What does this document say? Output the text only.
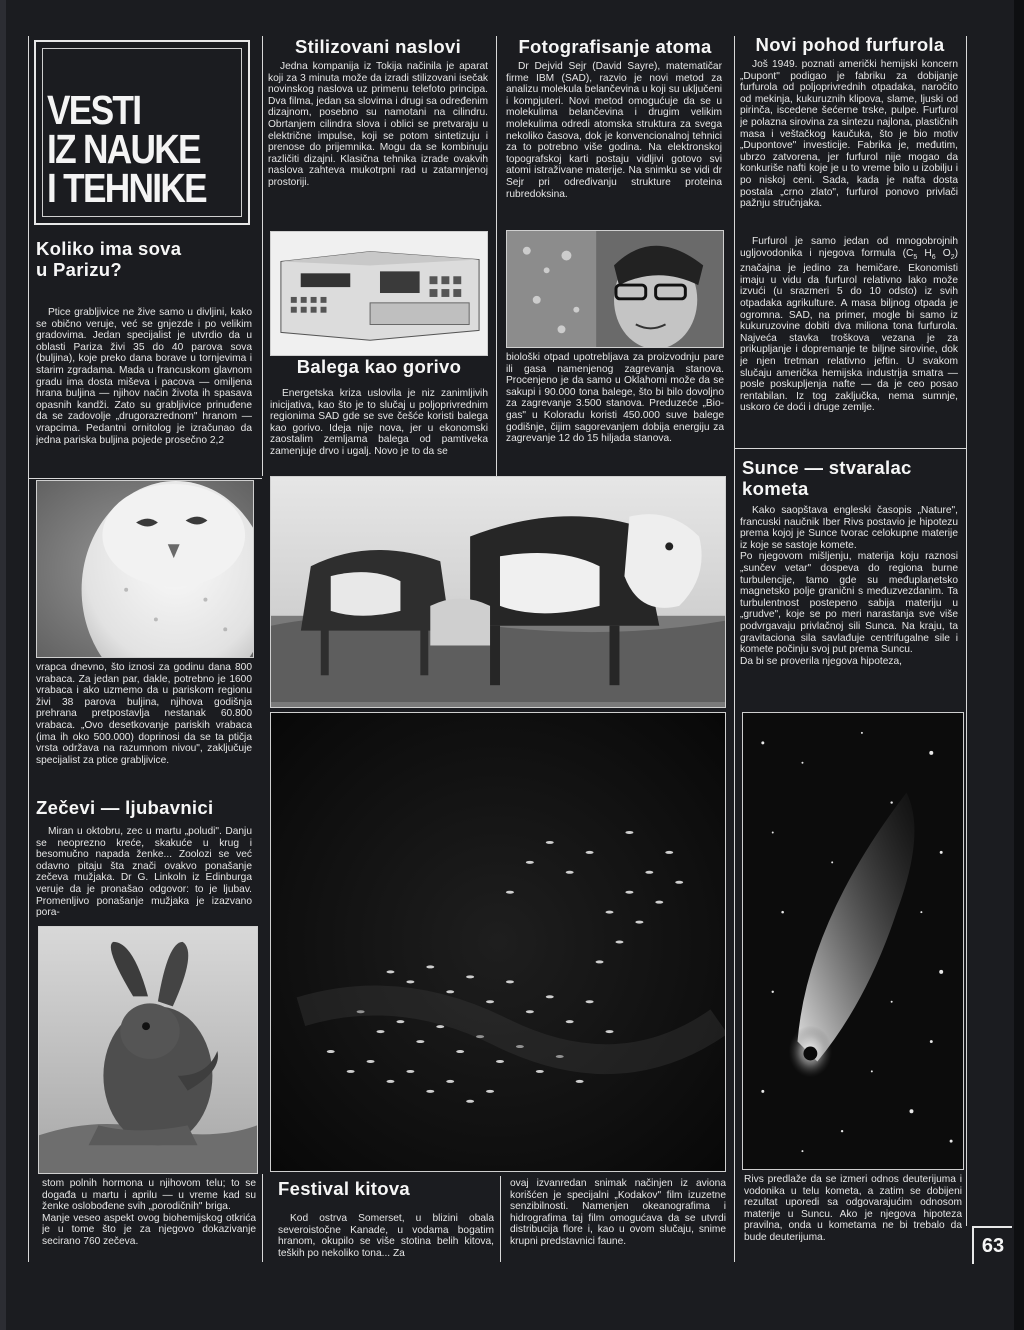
VESTI
IZ NAUKE
I TEHNIKE
Koliko ima sova u Parizu?
Ptice grabljivice ne žive samo u divljini, kako se obično veruje, već se gnjezde i po velikim gradovima. Jedan specijalist je utvrdio da u oblasti Pariza živi 35 do 40 parova sova (buljina), koje preko dana borave u tornjevima i starim zgradama. Mada u francuskom glavnom gradu ima dosta miševa i pacova — omiljena hrana buljina — njihov način života ih spasava opasnih kandži. Zato su grabljivice prinuđene da se zadovolje „drugorazrednom" hranom — vrapcima. Pedantni ornitolog je izračunao da jedna pariska buljina pojede prosečno 2,2
vrapca dnevno, što iznosi za godinu dana 800 vrabaca. Za jedan par, dakle, potrebno je 1600 vrabaca i ako uzmemo da u pariskom regionu živi 38 parova buljina, njihova godišnja prehrana pretpostavlja nestanak 60.800 vrabaca. „Ovo desetkovanje pariskih vrabaca (ima ih oko 500.000) doprinosi da se ta ptičja vrsta održava na razumnom nivou", zaključuje specijalist za ptice grabljivice.
Zečevi — ljubavnici
Miran u oktobru, zec u martu „poludi". Danju se neoprezno kreće, skakuće u krug i besomučno napada ženke... Zoolozi se već odavno pitaju šta znači ovakvo ponašanje zečeva mužjaka. Dr G. Linkoln iz Edinburga veruje da je pronašao odgovor: to je ljubav. Promenljivo ponašanje mužjaka je izazvano pora-
stom polnih hormona u njihovom telu; to se događa u martu i aprilu — u vreme kad su ženke oslobođene svih „porodičnih" briga.
Manje veseo aspekt ovog biohemijskog otkrića je u tome što je za njegovo dokazivanje secirano 760 zečeva.
Stilizovani naslovi
Jedna kompanija iz Tokija načinila je aparat koji za 3 minuta može da izradi stilizovani isečak novinskog naslova uz primenu telefoto principa. Dva filma, jedan sa slovima i drugi sa određenim dizajnom, posebno su namotani na cilindru. Obrtanjem cilindra slova i oblici se pretvaraju u električne impulse, koji se potom sintetizuju i prenose do prijemnika. Mogu da se kombinuju različiti dizajni. Klasična tehnika izrade ovakvih naslova zahteva mukotrpni rad u zatamnjenoj prostoriji.
Balega kao gorivo
Energetska kriza uslovila je niz zanimljivih inicijativa, kao što je to slučaj u poljoprivrednim regionima SAD gde se sve češće koristi balega kao gorivo. Ideja nije nova, jer u ekonomski zaostalim zemljama balega od pamtiveka zamenjuje drvo i ugalj. Novo je to da se
biološki otpad upotrebljava za proizvodnju pare ili gasa namenjenog zagrevanja stanova. Procenjeno je da samo u Oklahomi može da se sakupi i 90.000 tona balege, što bi bilo dovoljno za zagrevanje 3.500 stanova. Preduzeće „Bio-gas" u Koloradu koristi 450.000 suve balege godišnje, čijim sagorevanjem dobija energiju za zagrevanje 12 do 15 hiljada stanova.
Fotografisanje atoma
Dr Dejvid Sejr (David Sayre), matematičar firme IBM (SAD), razvio je novi metod za analizu molekula belančevina u koji su uključeni i kompjuteri. Novi metod omogućuje da se u molekulima belančevina i drugim velikim molekulima odredi atomska struktura za svega nekoliko časova, dok je konvencionalnoj tehnici za to potrebno više godina. Na elektronskoj topografskoj karti postaju vidljivi gotovo svi atomi istraživane materije. Na snimku se vidi dr Sejr pri određivanju strukture proteina rubredoksina.
Novi pohod furfurola
Još 1949. poznati američki hemijski koncern „Dupont" podigao je fabriku za dobijanje furfurola od poljoprivrednih otpadaka, naročito od mekinja, kukuruznih klipova, slame, ljuski od pirinča, iscedene šećerne trske, pulpe. Furfurol je polazna sirovina za sintezu najlona, plastičnih masa i veštačkog kaučuka, što je bio motiv „Dupontove" investicije. Fabrika je, međutim, ubrzo zatvorena, jer furfurol nije mogao da konkuriše nafti koje je u to vreme bilo u izobilju i po niskoj ceni. Sada, kada je nafta dosta postala „crno zlato", furfurol ponovo privlači pažnju stručnjaka.
Furfurol je samo jedan od mnogobrojnih ugljovodonika i njegova formula ($C_5$ $H_6$ $O_2$) značajna je jedino za hemičare. Ekonomisti imaju u vidu da furfurol relativno lako može izvući (u srazmeri 5 do 10 odsto) iz svih otpadaka agrikulture. A masa biljnog otpada je ogromna. SAD, na primer, mogle bi samo iz kukuruzovine dobiti dva miliona tona furfurola. Najveća stavka troškova vezana je za prikupljanje i dopremanje te biljne sirovine, dok je njen tretman relativno jeftin. U svakom slučaju američka hemijska industrija smatra — posle poskupljenja nafte — da je ceo posao rentabilan. Iz tog zaključka, nema sumnje, uskoro će doći i druge zemlje.
Sunce — stvaralac kometa
Kako saopštava engleski časopis „Nature", francuski naučnik Iber Rivs postavio je hipotezu prema kojoj je Sunce tvorac celokupne materije iz koje se sastoje komete.
Po njegovom mišljenju, materija koju raznosi „sunčev vetar" dospeva do regiona burne turbulencije, tamo gde su međuplanetsko magnetsko polje granični s međuzvezdanim. Ta turbulentnost postepeno sabija materiju u „grudve", koje se po meri narastanja sve više podvrgavaju privlačnoj sili Sunca. Na kraju, ta gravitaciona sila savlađuje centrifugalne sile i komete počinju svoj put prema Suncu.
Da bi se proverila njegova hipoteza,
Rivs predlaže da se izmeri odnos deuterijuma i vodonika u telu kometa, a zatim se dobijeni rezultat uporedi sa odgovarajućim odnosom materije u Suncu. Ako je njegova hipoteza pravilna, onda u kometama ne bi trebalo da bude deuterijuma.
Festival kitova
Kod ostrva Somerset, u blizini obala severoistočne Kanade, u vodama bogatim hranom, okupilo se više stotina belih kitova, teških po nekoliko tona... Za
ovaj izvanredan snimak načinjen iz aviona korišćen je specijalni „Kodakov" film izuzetne senzibilnosti. Namenjen okeanografima i hidrografima taj film omogućava da se utvrdi distribucija flore i, kao u ovom slučaju, snime krupni predstavnici faune.	63
